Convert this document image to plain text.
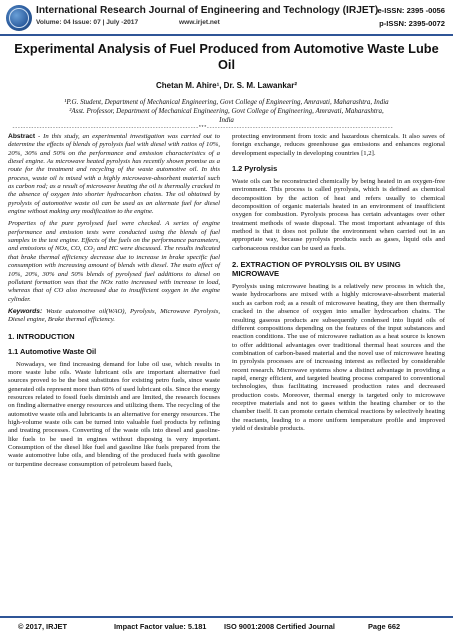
International Research Journal of Engineering and Technology (IRJET)
Volume: 04 Issue: 07 | July -2017	www.irjet.net
e-ISSN: 2395 -0056
p-ISSN: 2395-0072
Experimental Analysis of Fuel Produced from Automotive Waste Lube Oil
Chetan M. Ahire¹, Dr. S. M. Lawankar²
¹P.G. Student, Department of Mechanical Engineering, Govt College of Engineering, Amravati, Maharashtra, India
²Asst. Professor, Department of Mechanical Engineering, Govt College of Engineering, Amravati, Maharashtra,
India
---------------------------------------------------------------------***---------------------------------------------------------------------

Abstract - In this study, an experimental investigation was carried out to determine the effects of blends of pyrolysis fuel with diesel with ratios of 10%, 20%, 30% and 50% on the performance and emission characteristics of a diesel engine. As microwave heated pyrolysis has recently shown promise as a route for the treatment and recycling of the waste automotive oil. In this process, waste oil is mixed with a highly microwave-absorbent material such as carbon rod; as a result of microwave heating the oil is thermally cracked in the absence of oxygen into shorter hydrocarbon chains. The oil obtained by pyrolysis of automotive waste oil can be used as an alternate fuel for diesel engine without making any modification to the engine.

Properties of the pure pyrolysed fuel were checked. A series of engine performance and emission tests were conducted using the blends of fuel samples in the test engine. Effects of the fuels on the performance parameters, and emissions of NOx, CO, CO₂ and HC were discussed. The results indicated that brake thermal efficiency decrease due to increase in brake specific fuel consumption with increasing amount of blends with diesel. The main effect of 10%, 20%, 30% and 50% blends of pyrolysed fuel additions to diesel on pollutant formation was that the NOx ratio increased with increase in load, whereas that of CO also increased due to insufficient oxygen in the engine cylinder.

Keywords: Waste automotive oil(WAO), Pyrolysis, Microwave Pyrolysis, Diesel engine, Brake thermal efficiency.

1. INTRODUCTION
1.1 Automotive Waste Oil

Nowadays, we find increasing demand for lube oil use, which results in more waste lube oils. Waste lubricant oils are important alternative fuel sources proved to be the best substitutes for existing petro fuels, since waste generated oils represent more than 60% of used lubricant oils. Since the energy resources related to fossil fuels diminish and are limited, the research focuses on finding alternative energy resources and utilizing them. The recycling of the automotive waste oils and lubricants is an alternative for energy resources. The high-volume waste oils can be turned into valuable fuel products by refining and treating processes. Converting of the waste oils into diesel and gasoline-like fuels to be used in engines without disposing is very important. Consumption of the diesel like fuel and gasoline like fuels prepared from the waste automotive lube oils, and blending of the produced fuels with gasoline or turpentine decrease consumption of petroleum based fuels,

protecting environment from toxic and hazardous chemicals. It also saves of foreign exchange, reduces greenhouse gas emissions and enhances regional development especially in developing countries [1,2].

1.2 Pyrolysis

Waste oils can be reconstructed chemically by being heated in an oxygen-free environment. This process is called pyrolysis, which is defined as chemical decomposition by the action of heat and refers usually to chemical decomposition of organic materials heated in an environment of insufficient oxygen for combustion. Pyrolysis process has certain advantages over other treatment methods of waste disposal. The most important advantage of this method is that it does not pollute the environment when carried out in an appropriate way, because pyrolysis products such as gases, liquid oils and carbonaceous residue can be used as fuels.

2. EXTRACTION OF PYROLYSIS OIL BY USING MICROWAVE

Pyrolysis using microwave heating is a relatively new process in which the, waste hydrocarbons are mixed with a highly microwave-absorbent material such as carbon rod; as a result of microwave heating, they are then thermally cracked in the absence of oxygen into smaller hydrocarbon chains. The resulting gaseous products are subsequently condensed into liquid oils of different compositions depending on the features of the input substances and reaction conditions. The use of microwave radiation as a heat source is known to offer additional advantages over traditional thermal heat sources and the combination of carbon-based material and the novel use of microwave heating in pyrolysis processes are of increasing interest as reflected by considerable recent research. Microwave systems show a distinct advantage in providing a rapid, energy efficient, and targeted heating process compared to conventional technologies, thus facilitating increased production rates and decreased production costs. Moreover, thermal energy is targeted only to microwave receptive materials and not to gases within the heating chamber or to the chamber itself. It can promote certain chemical reactions by selectively heating the reactants, leading to a more uniform temperature profile and improved yield of desirable products.

© 2017, IRJET	Impact Factor value: 5.181 ISO 9001:2008 Certified Journal	Page 662
